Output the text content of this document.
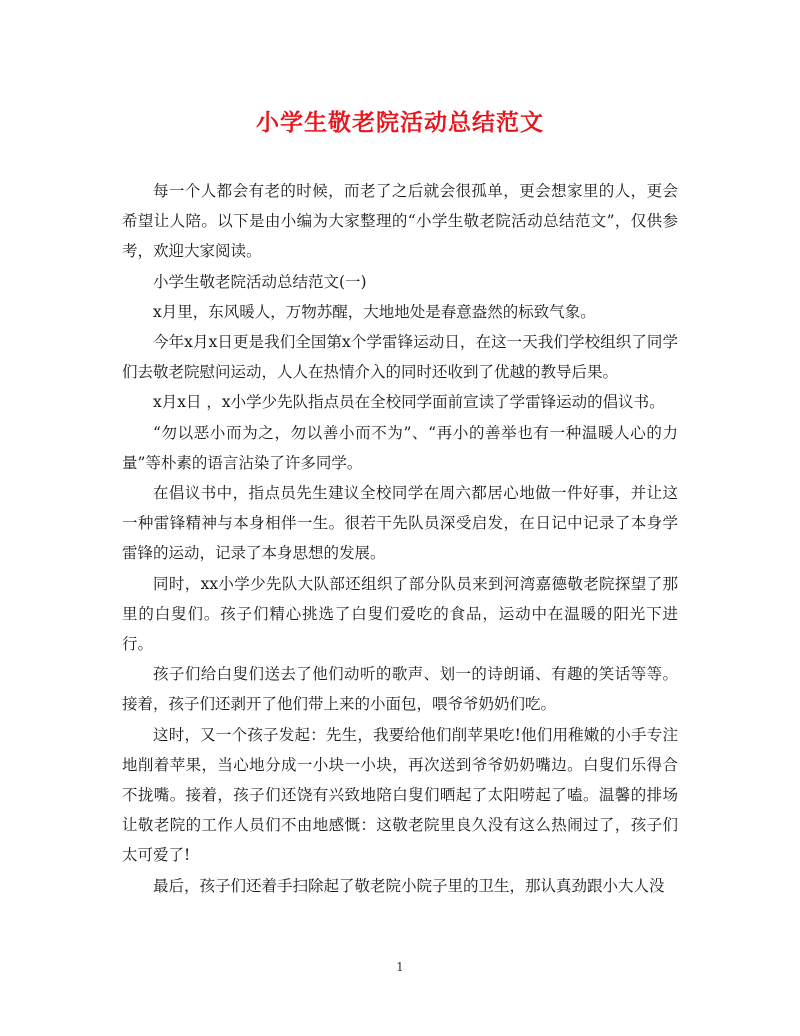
小学生敬老院活动总结范文

每一个人都会有老的时候，而老了之后就会很孤单，更会想家里的人，更会希望让人陪。以下是由小编为大家整理的“小学生敬老院活动总结范文”，仅供参考，欢迎大家阅读。

小学生敬老院活动总结范文(一)

x月里，东风暖人，万物苏醒，大地地处是春意盎然的标致气象。

今年x月x日更是我们全国第x个学雷锋运动日，在这一天我们学校组织了同学们去敬老院慰问运动，人人在热情介入的同时还收到了优越的教导后果。

x月x日 ，x小学少先队指点员在全校同学面前宣读了学雷锋运动的倡议书。

“勿以恶小而为之，勿以善小而不为”、“再小的善举也有一种温暖人心的力量”等朴素的语言沾染了许多同学。

在倡议书中，指点员先生建议全校同学在周六都居心地做一件好事，并让这一种雷锋精神与本身相伴一生。很若干先队员深受启发，在日记中记录了本身学雷锋的运动，记录了本身思想的发展。

同时，xx小学少先队大队部还组织了部分队员来到河湾嘉德敬老院探望了那里的白叟们。孩子们精心挑选了白叟们爱吃的食品，运动中在温暖的阳光下进行。

孩子们给白叟们送去了他们动听的歌声、划一的诗朗诵、有趣的笑话等等。接着，孩子们还剥开了他们带上来的小面包，喂爷爷奶奶们吃。

这时，又一个孩子发起：先生，我要给他们削苹果吃!他们用稚嫩的小手专注地削着苹果，当心地分成一小块一小块，再次送到爷爷奶奶嘴边。白叟们乐得合不拢嘴。接着，孩子们还饶有兴致地陪白叟们晒起了太阳唠起了嗑。温馨的排场让敬老院的工作人员们不由地感慨：这敬老院里良久没有这么热闹过了，孩子们太可爱了!

最后，孩子们还着手扫除起了敬老院小院子里的卫生，那认真劲跟小大人没

1
